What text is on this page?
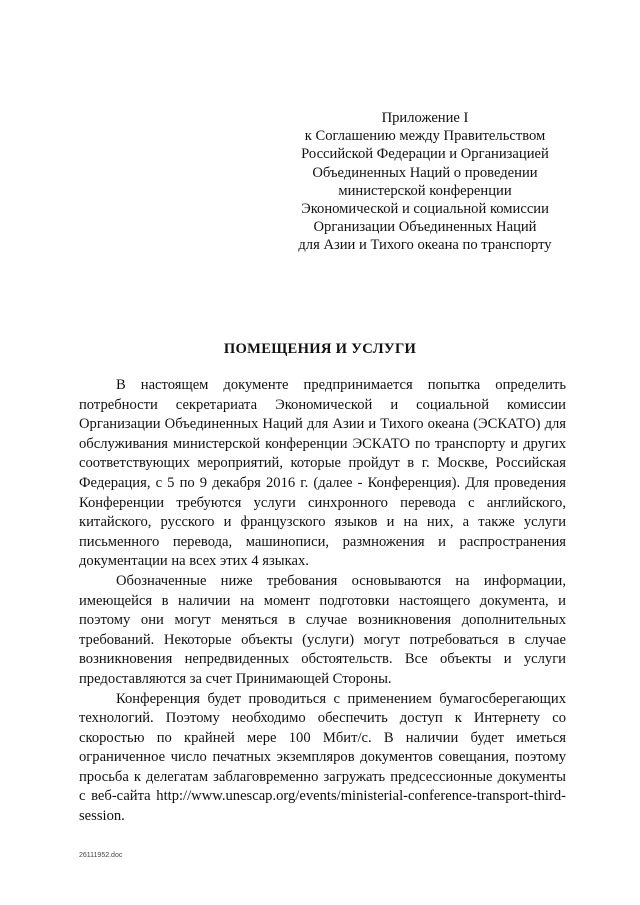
Приложение I
к Соглашению между Правительством
Российской Федерации и Организацией
Объединенных Наций о проведении
министерской конференции
Экономической и социальной комиссии
Организации Объединенных Наций
для Азии и Тихого океана по транспорту
ПОМЕЩЕНИЯ И УСЛУГИ

В настоящем документе предпринимается попытка определить потребности секретариата Экономической и социальной комиссии Организации Объединенных Наций для Азии и Тихого океана (ЭСКАТО) для обслуживания министерской конференции ЭСКАТО по транспорту и других соответствующих мероприятий, которые пройдут в г. Москве, Российская Федерация, с 5 по 9 декабря 2016 г. (далее - Конференция). Для проведения Конференции требуются услуги синхронного перевода с английского, китайского, русского и французского языков и на них, а также услуги письменного перевода, машинописи, размножения и распространения документации на всех этих 4 языках.

Обозначенные ниже требования основываются на информации, имеющейся в наличии на момент подготовки настоящего документа, и поэтому они могут меняться в случае возникновения дополнительных требований. Некоторые объекты (услуги) могут потребоваться в случае возникновения непредвиденных обстоятельств. Все объекты и услуги предоставляются за счет Принимающей Стороны.

Конференция будет проводиться с применением бумагосберегающих технологий. Поэтому необходимо обеспечить доступ к Интернету со скоростью по крайней мере 100 Мбит/с. В наличии будет иметься ограниченное число печатных экземпляров документов совещания, поэтому просьба к делегатам заблаговременно загружать предсессионные документы с веб-сайта http://www.unescap.org/events/ministerial-conference-transport-third-session.

26111952.doc
